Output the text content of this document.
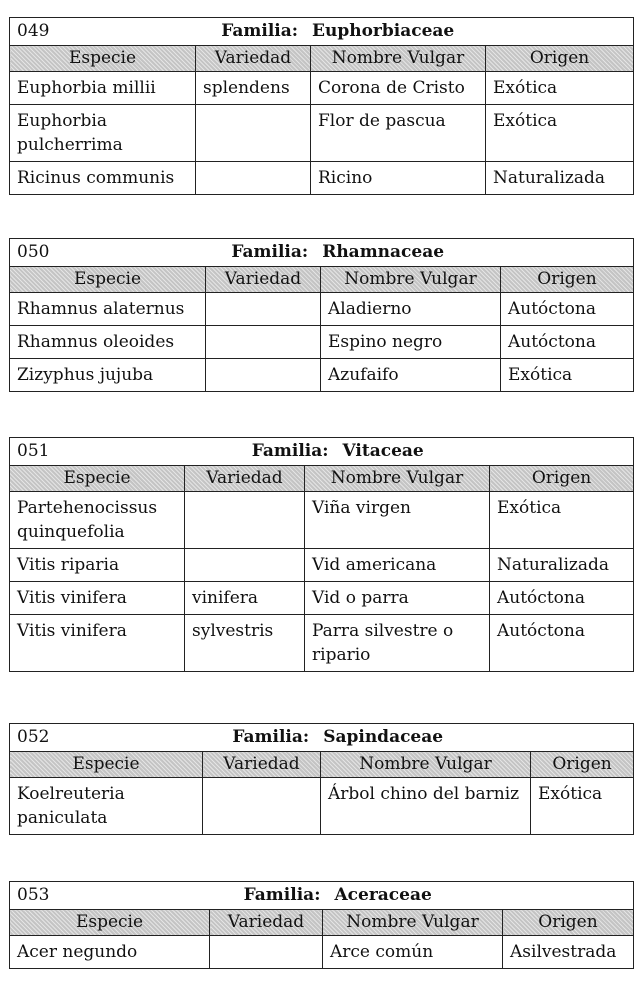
049 Familia: Euphorbiaceae			

Especie	Variedad	Nombre Vulgar	Origen
Euphorbia millii	splendens	Corona de Cristo	Exótica
Euphorbia pulcherrima		Flor de pascua	Exótica
Ricinus communis		Ricino	Naturalizada
050 Familia: Rhamnaceae			

Especie	Variedad	Nombre Vulgar	Origen
Rhamnus alaternus		Aladierno	Autóctona
Rhamnus oleoides		Espino negro	Autóctona
Zizyphus jujuba		Azufaifo	Exótica
051 Familia: Vitaceae			

Especie	Variedad	Nombre Vulgar	Origen
Partehenocissus quinquefolia		Viña virgen	Exótica
Vitis riparia		Vid americana	Naturalizada
Vitis vinifera	vinifera	Vid o parra	Autóctona
Vitis vinifera	sylvestris	Parra silvestre o ripario	Autóctona
052 Familia: Sapindaceae			

Especie	Variedad	Nombre Vulgar	Origen
Koelreuteria paniculata		Árbol chino del barniz	Exótica
053 Familia: Aceraceae			

Especie	Variedad	Nombre Vulgar	Origen
Acer negundo		Arce común	Asilvestrada
